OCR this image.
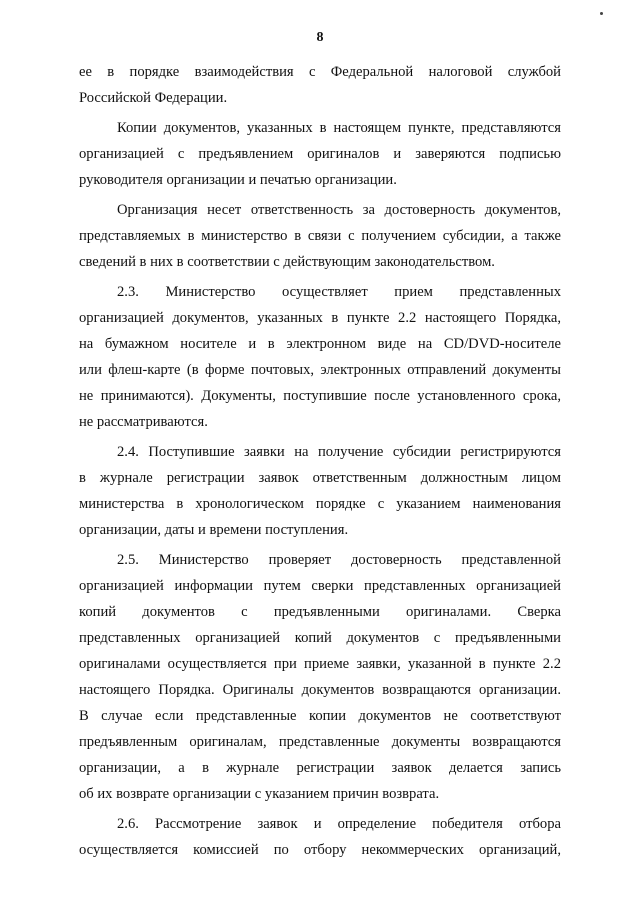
8

ее в порядке взаимодействия с Федеральной налоговой службой
Российской Федерации.

Копии документов, указанных в настоящем пункте, представляются
организацией с предъявлением оригиналов и заверяются подписью
руководителя организации и печатью организации.

Организация несет ответственность за достоверность документов,
представляемых в министерство в связи с получением субсидии, а также
сведений в них в соответствии с действующим законодательством.

2.3. Министерство осуществляет прием представленных
организацией документов, указанных в пункте 2.2 настоящего Порядка,
на бумажном носителе и в электронном виде на CD/DVD-носителе
или флеш-карте (в форме почтовых, электронных отправлений документы
не принимаются). Документы, поступившие после установленного срока,
не рассматриваются.

2.4. Поступившие заявки на получение субсидии регистрируются
в журнале регистрации заявок ответственным должностным лицом
министерства в хронологическом порядке с указанием наименования
организации, даты и времени поступления.

2.5. Министерство проверяет достоверность представленной
организацией информации путем сверки представленных организацией
копий документов с предъявленными оригиналами. Сверка
представленных организацией копий документов с предъявленными
оригиналами осуществляется при приеме заявки, указанной в пункте 2.2
настоящего Порядка. Оригиналы документов возвращаются организации.
В случае если представленные копии документов не соответствуют
предъявленным оригиналам, представленные документы возвращаются
организации, а в журнале регистрации заявок делается запись
об их возврате организации с указанием причин возврата.

2.6. Рассмотрение заявок и определение победителя отбора
осуществляется комиссией по отбору некоммерческих организаций,
